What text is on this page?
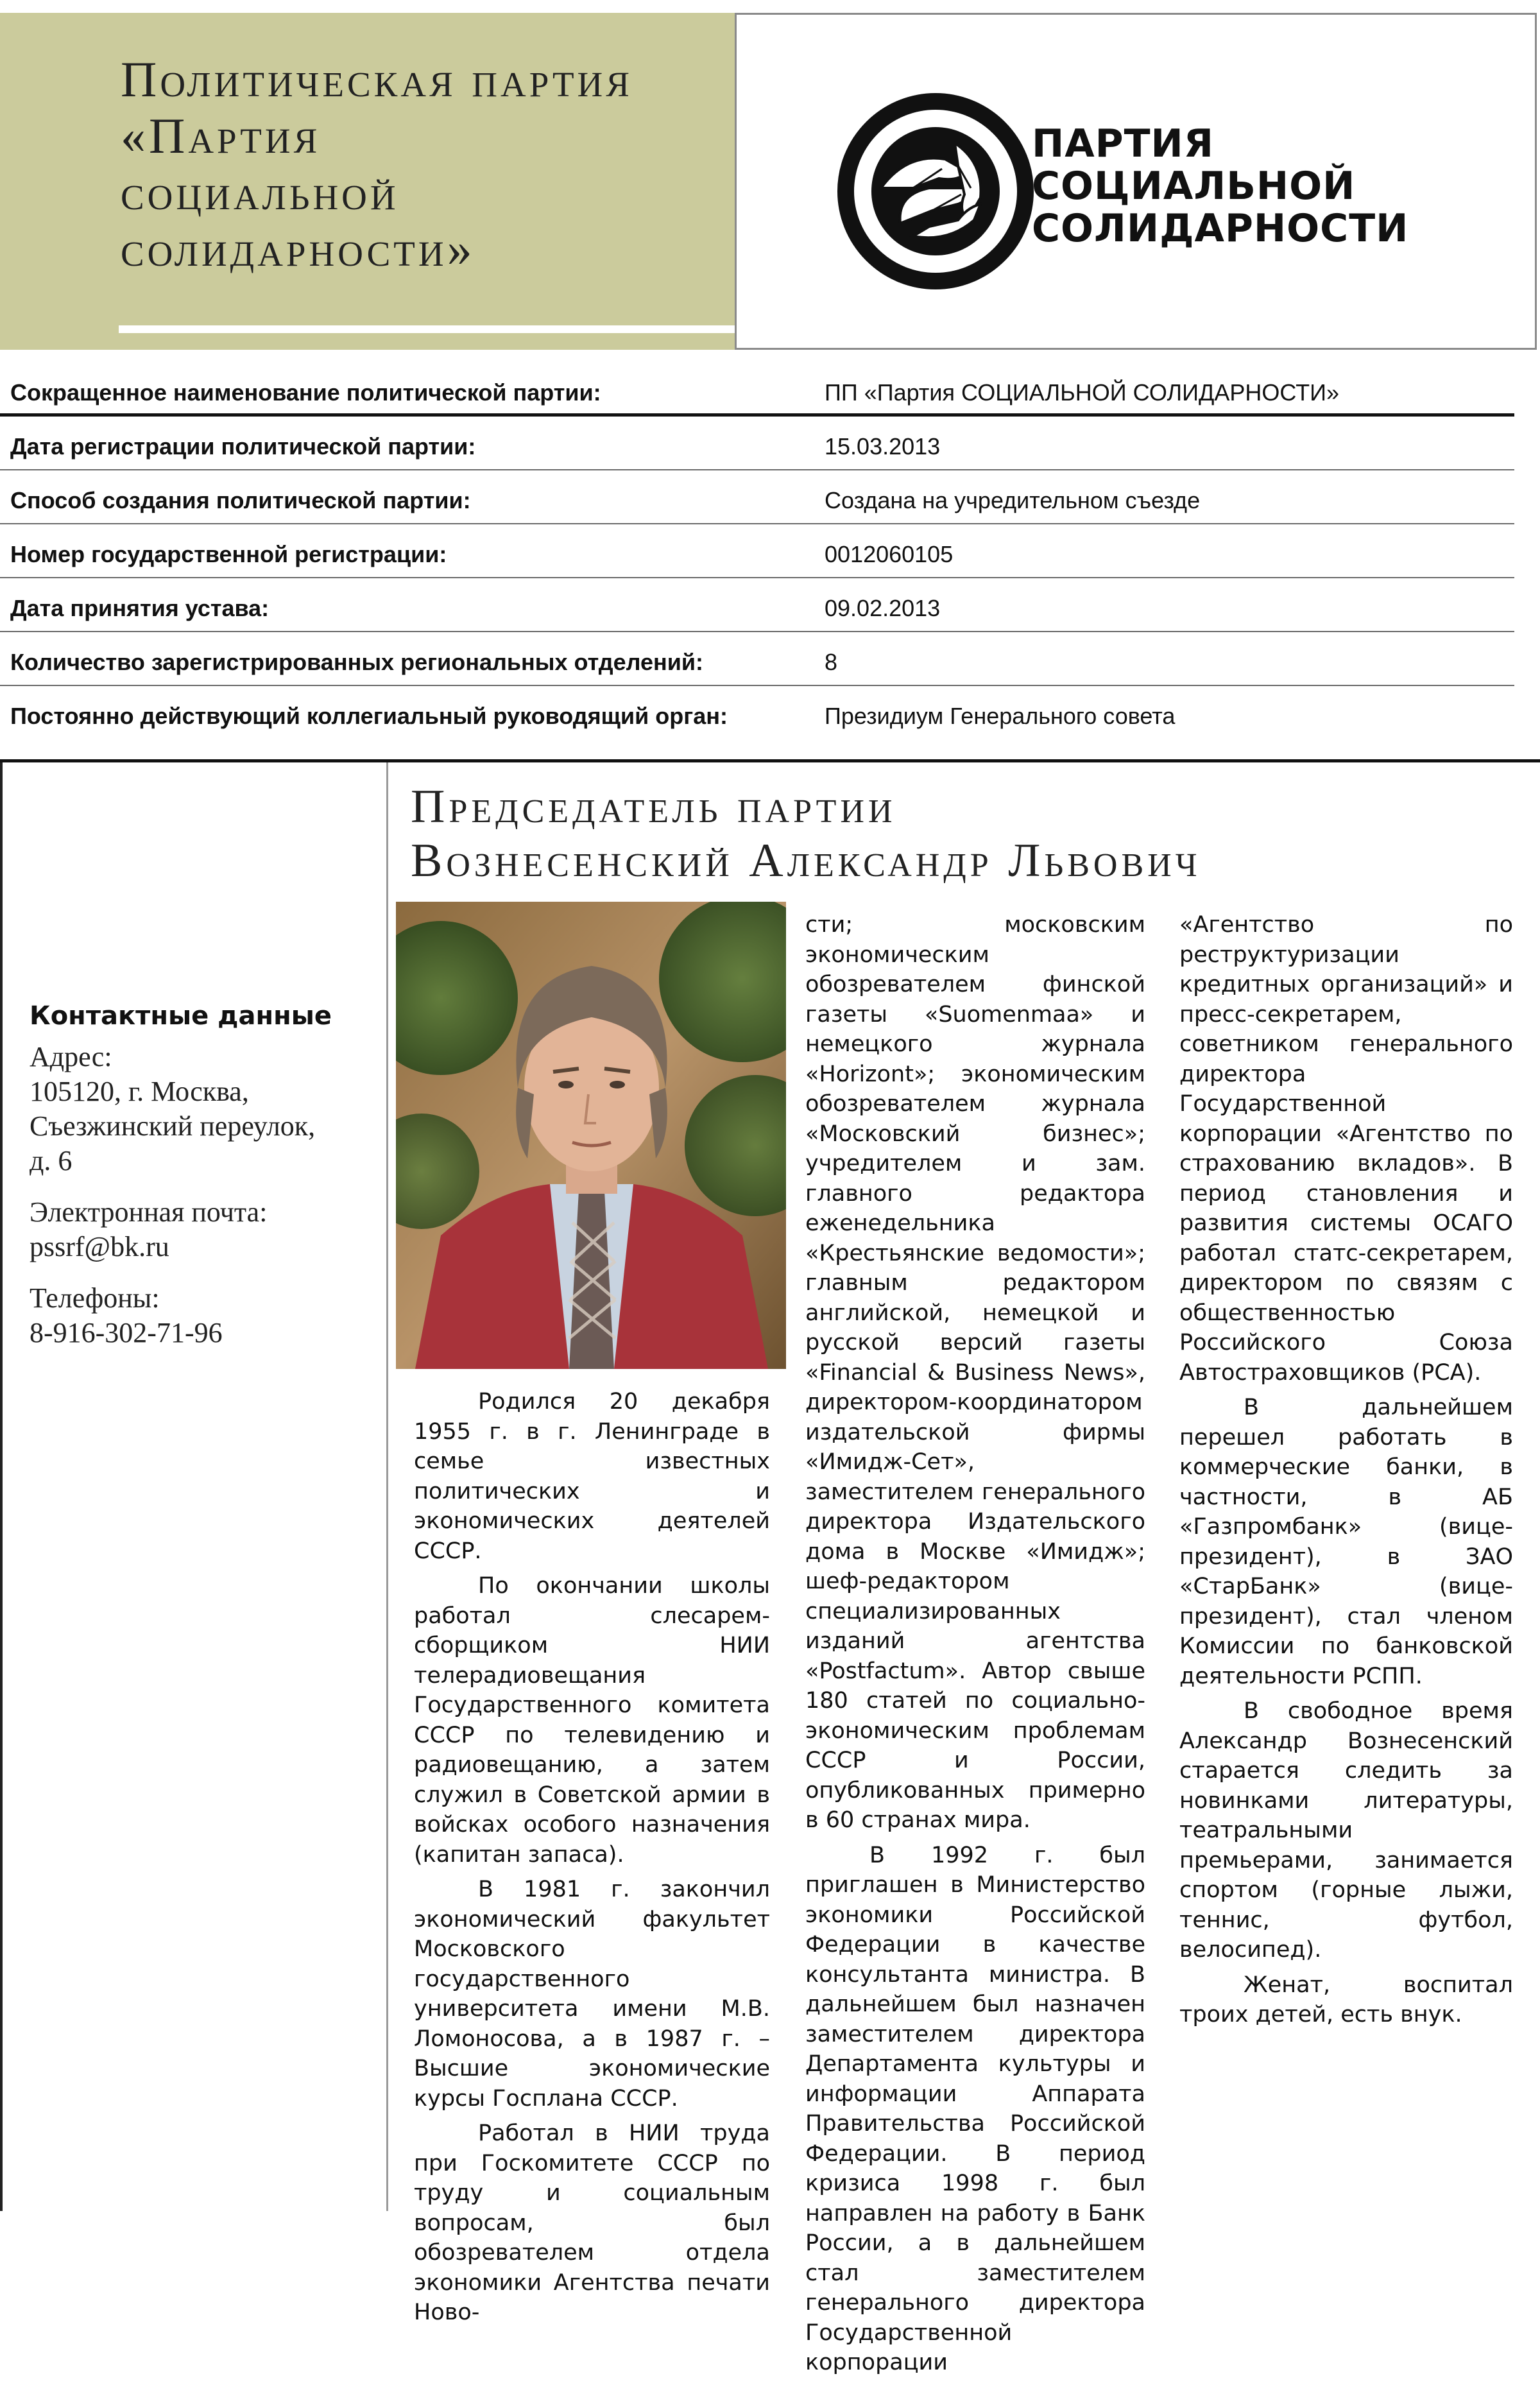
Политическая партия
«Партия
социальной
солидарности»
ПАРТИЯ
СОЦИАЛЬНОЙ
СОЛИДАРНОСТИ
Сокращенное наименование политической партии:	ПП «Партия СОЦИАЛЬНОЙ СОЛИДАРНОСТИ»
Дата регистрации политической партии:	15.03.2013
Способ создания политической партии:	Создана на учредительном съезде
Номер государственной регистрации:	0012060105
Дата принятия устава:	09.02.2013
Количество зарегистрированных региональных отделений:	8
Постоянно действующий коллегиальный руководящий орган:	Президиум Генерального совета
Контактные данные
Адрес:
105120, г. Москва,
Съезжинский переулок,
д. 6
Электронная почта:
pssrf@bk.ru
Телефоны:
8-916-302-71-96
Председатель партии
Вознесенский Александр Львович

Родился 20 декабря 1955 г. в г. Ленинграде в семье известных политических и экономических деятелей СССР.

По окончании школы работал слесарем-сборщиком НИИ телерадиовещания Государственного комитета СССР по телевидению и радиовещанию, а затем служил в Советской армии в войсках особого назначения (капитан запаса).

В 1981 г. закончил экономический факультет Московского государственного университета имени М.В. Ломоносова, а в 1987 г. – Высшие экономические курсы Госплана СССР.

Работал в НИИ труда при Госкомитете СССР по труду и социальным вопросам, был обозревателем отдела экономики Агентства печати Ново-

сти; московским экономическим обозревателем финской газеты «Suomenmaa» и немецкого журнала «Horizont»; экономическим обозревателем журнала «Московский бизнес»; учредителем и зам. главного редактора еженедельника «Крестьянские ведомости»; главным редактором английской, немецкой и русской версий газеты «Financial & Business News», директором-координатором издательской фирмы «Имидж-Сет», заместителем генерального директора Издательского дома в Москве «Имидж»; шеф-редактором специализированных изданий агентства «Postfactum». Автор свыше 180 статей по социально-экономическим проблемам СССР и России, опубликованных примерно в 60 странах мира.

В 1992 г. был приглашен в Министерство экономики Российской Федерации в качестве консультанта министра. В дальнейшем был назначен заместителем директора Департамента культуры и информации Аппарата Правительства Российской Федерации. В период кризиса 1998 г. был направлен на работу в Банк России, а в дальнейшем стал заместителем генерального директора Государственной корпорации

«Агентство по реструктуризации кредитных организаций» и пресс-секретарем, советником генерального директора Государственной корпорации «Агентство по страхованию вкладов». В период становления и развития системы ОСАГО работал статс-секретарем, директором по связям с общественностью Российского Союза Автостраховщиков (РСА).

В дальнейшем перешел работать в коммерческие банки, в частности, в АБ «Газпромбанк» (вице-президент), в ЗАО «СтарБанк» (вице-президент), стал членом Комиссии по банковской деятельности РСПП.

В свободное время Александр Вознесенский старается следить за новинками литературы, театральными премьерами, занимается спортом (горные лыжи, теннис, футбол, велосипед).

Женат, воспитал троих детей, есть внук.
